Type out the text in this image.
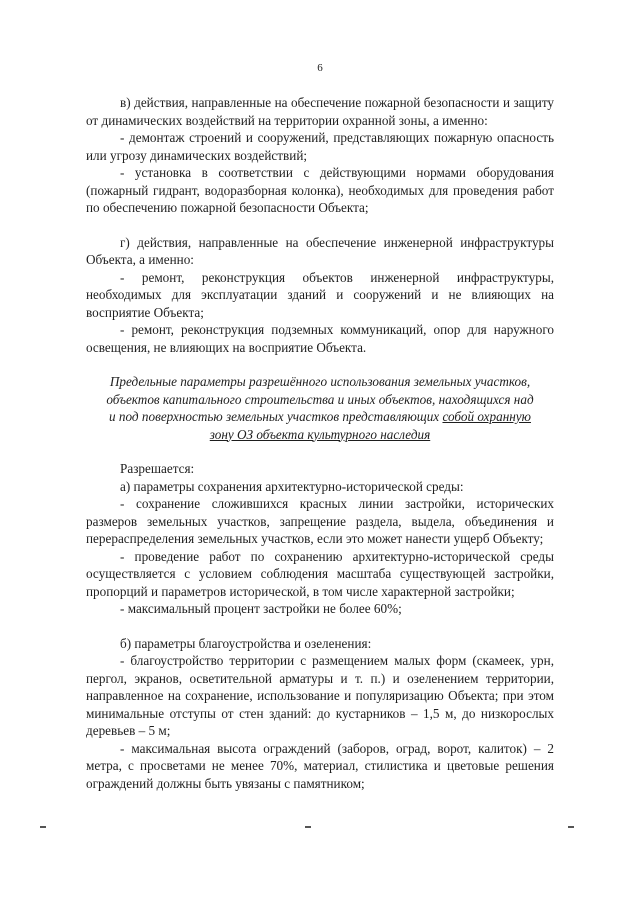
6

в) действия, направленные на обеспечение пожарной безопасности и защиту от динамических воздействий на территории охранной зоны, а именно:

- демонтаж строений и сооружений, представляющих пожарную опасность или угрозу динамических воздействий;

- установка в соответствии с действующими нормами оборудования (пожарный гидрант, водоразборная колонка), необходимых для проведения работ по обеспечению пожарной безопасности Объекта;

г) действия, направленные на обеспечение инженерной инфраструктуры Объекта, а именно:

- ремонт, реконструкция объектов инженерной инфраструктуры, необходимых для эксплуатации зданий и сооружений и не влияющих на восприятие Объекта;

- ремонт, реконструкция подземных коммуникаций, опор для наружного освещения, не влияющих на восприятие Объекта.

Предельные параметры разрешённого использования земельных участков, объектов капитального строительства и иных объектов, находящихся над и под поверхностью земельных участков представляющих собой охранную зону ОЗ объекта культурного наследия

Разрешается:

а) параметры сохранения архитектурно-исторической среды:

- сохранение сложившихся красных линии застройки, исторических размеров земельных участков, запрещение раздела, выдела, объединения и перераспределения земельных участков, если это может нанести ущерб Объекту;

- проведение работ по сохранению архитектурно-исторической среды осуществляется с условием соблюдения масштаба существующей застройки, пропорций и параметров исторической, в том числе характерной застройки;

- максимальный процент застройки не более 60%;

б) параметры благоустройства и озеленения:

- благоустройство территории с размещением малых форм (скамеек, урн, пергол, экранов, осветительной арматуры и т. п.) и озеленением территории, направленное на сохранение, использование и популяризацию Объекта; при этом минимальные отступы от стен зданий: до кустарников – 1,5 м, до низкорослых деревьев – 5 м;

- максимальная высота ограждений (заборов, оград, ворот, калиток) – 2 метра, с просветами не менее 70%, материал, стилистика и цветовые решения ограждений должны быть увязаны с памятником;
